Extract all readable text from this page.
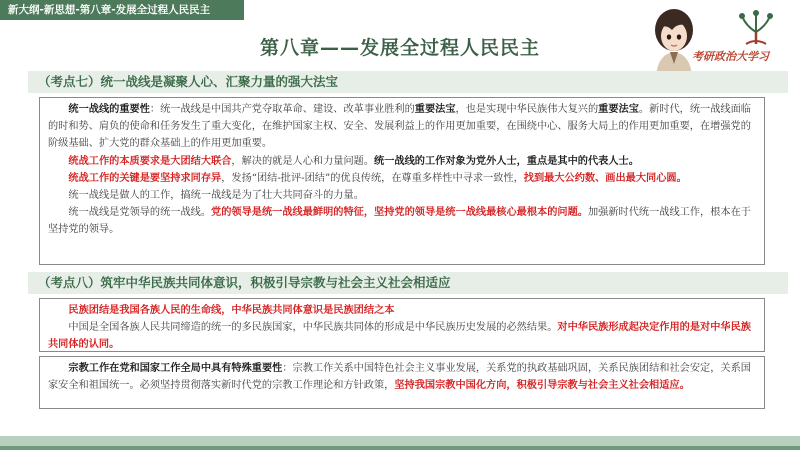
新大纲-新思想-第八章-发展全过程人民民主
第八章——发展全过程人民民主	考研政治大学习
（考点七）统一战线是凝聚人心、汇聚力量的强大法宝

统一战线的重要性：统一战线是中国共产党夺取革命、建设、改革事业胜利的重要法宝，也是实现中华民族伟大复兴的重要法宝。新时代，统一战线面临的时和势、肩负的使命和任务发生了重大变化，在维护国家主权、安全、发展利益上的作用更加重要，在围绕中心、服务大局上的作用更加重要，在增强党的阶级基础、扩大党的群众基础上的作用更加重要。

统战工作的本质要求是大团结大联合，解决的就是人心和力量问题。统一战线的工作对象为党外人士，重点是其中的代表人士。

统战工作的关键是要坚持求同存异，发扬“团结-批评-团结”的优良传统，在尊重多样性中寻求一致性，找到最大公约数、画出最大同心圆。

统一战线是做人的工作，搞统一战线是为了壮大共同奋斗的力量。

统一战线是党领导的统一战线。党的领导是统一战线最鲜明的特征，坚持党的领导是统一战线最核心最根本的问题。加强新时代统一战线工作，根本在于坚持党的领导。

（考点八）筑牢中华民族共同体意识，积极引导宗教与社会主义社会相适应

民族团结是我国各族人民的生命线，中华民族共同体意识是民族团结之本

中国是全国各族人民共同缔造的统一的多民族国家，中华民族共同体的形成是中华民族历史发展的必然结果。对中华民族形成起决定作用的是对中华民族共同体的认同。

宗教工作在党和国家工作全局中具有特殊重要性：宗教工作关系中国特色社会主义事业发展，关系党的执政基础巩固，关系民族团结和社会安定，关系国家安全和祖国统一。必须坚持贯彻落实新时代党的宗教工作理论和方针政策，坚持我国宗教中国化方向，积极引导宗教与社会主义社会相适应。
